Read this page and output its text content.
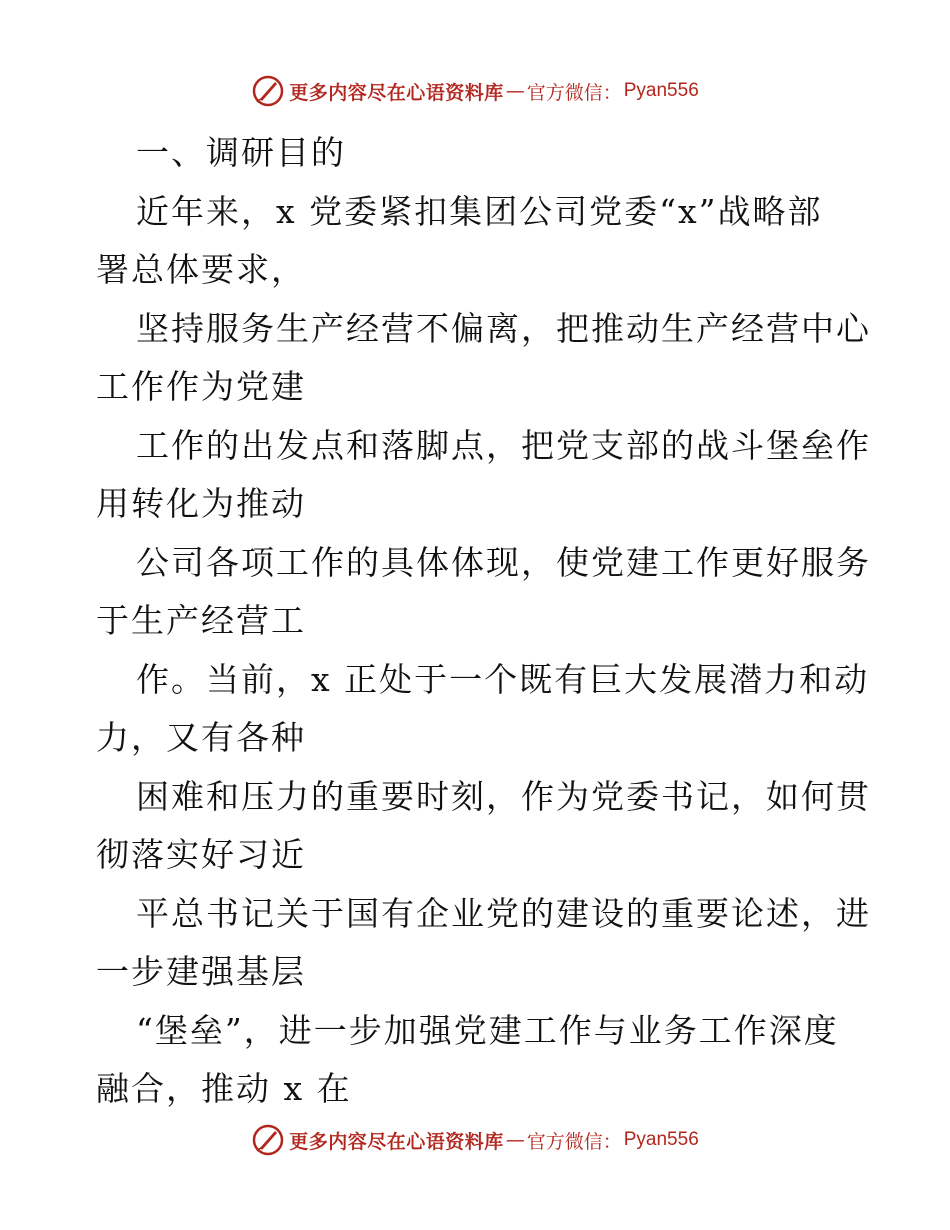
更多内容尽在心语资料库 — 官方微信： Pyan556
一、调研目的
近年来，x 党委紧扣集团公司党委“x”战略部
署总体要求，
坚持服务生产经营不偏离，把推动生产经营中心
工作作为党建
工作的出发点和落脚点，把党支部的战斗堡垒作
用转化为推动
公司各项工作的具体体现，使党建工作更好服务
于生产经营工
作。当前，x 正处于一个既有巨大发展潜力和动
力，又有各种
困难和压力的重要时刻，作为党委书记，如何贯
彻落实好习近
平总书记关于国有企业党的建设的重要论述，进
一步建强基层
“堡垒”，进一步加强党建工作与业务工作深度
融合，推动 x 在
更多内容尽在心语资料库 — 官方微信： Pyan556
